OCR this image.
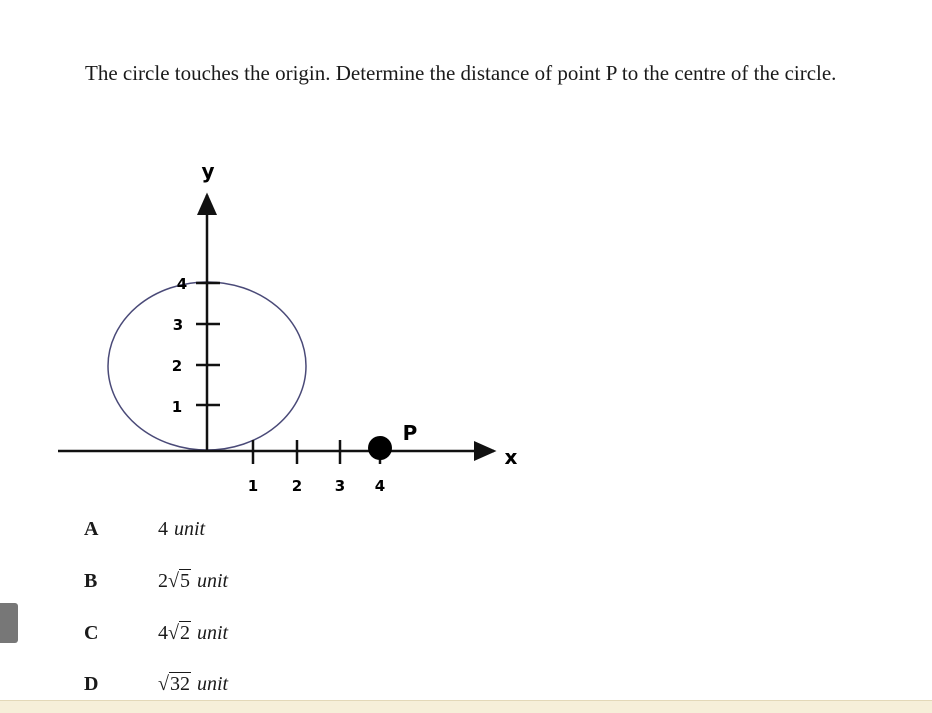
The circle touches the origin. Determine the distance of point P to the centre of the circle.
y
x
1
2
3
4
1 2 3 4
P
A	4 unit
B	2√5 unit
C	4√2 unit
D	√32 unit
